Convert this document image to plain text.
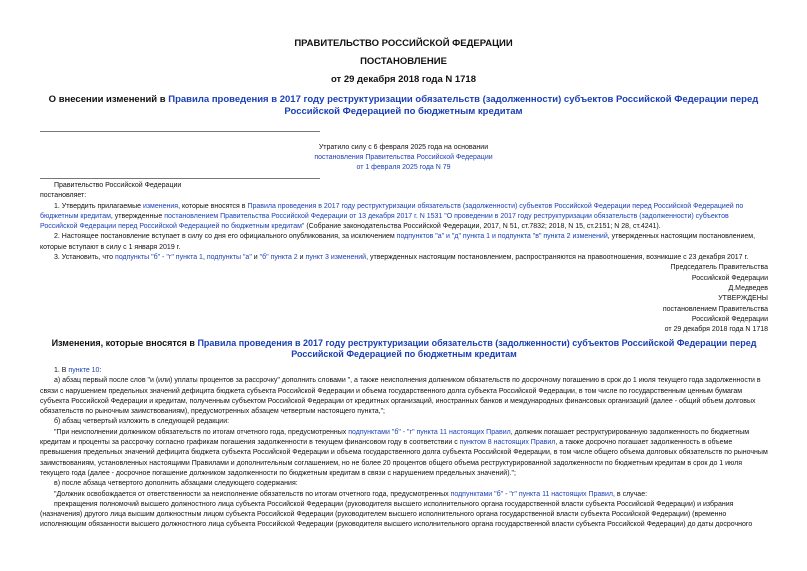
ПРАВИТЕЛЬСТВО РОССИЙСКОЙ ФЕДЕРАЦИИ
ПОСТАНОВЛЕНИЕ
от 29 декабря 2018 года N 1718
О внесении изменений в Правила проведения в 2017 году реструктуризации обязательств (задолженности) субъектов Российской Федерации перед Российской Федерацией по бюджетным кредитам
Утратило силу с 6 февраля 2025 года на основании
постановления Правительства Российской Федерации
от 1 февраля 2025 года N 79

Правительство Российской Федерации

постановляет:

1. Утвердить прилагаемые изменения, которые вносятся в Правила проведения в 2017 году реструктуризации обязательств (задолженности) субъектов Российской Федерации перед Российской Федерацией по бюджетным кредитам, утвержденные постановлением Правительства Российской Федерации от 13 декабря 2017 г. N 1531 "О проведении в 2017 году реструктуризации обязательств (задолженности) субъектов Российской Федерации перед Российской Федерацией по бюджетным кредитам" (Собрание законодательства Российской Федерации, 2017, N 51, ст.7832; 2018, N 15, ст.2151; N 28, ст.4241).

2. Настоящее постановление вступает в силу со дня его официального опубликования, за исключением подпунктов "а" и "д" пункта 1 и подпункта "в" пункта 2 изменений, утвержденных настоящим постановлением, которые вступают в силу с 1 января 2019 г.

3. Установить, что подпункты "б" - "г" пункта 1, подпункты "а" и "б" пункта 2 и пункт 3 изменений, утвержденных настоящим постановлением, распространяются на правоотношения, возникшие с 23 декабря 2017 г.

Председатель Правительства

Российской Федерации

Д.Медведев

УТВЕРЖДЕНЫ

постановлением Правительства

Российской Федерации

от 29 декабря 2018 года N 1718

Изменения, которые вносятся в Правила проведения в 2017 году реструктуризации обязательств (задолженности) субъектов Российской Федерации перед Российской Федерацией по бюджетным кредитам

1. В пункте 10:

а) абзац первый после слов "и (или) уплаты процентов за рассрочку" дополнить словами ", а также неисполнения должником обязательств по досрочному погашению в срок до 1 июля текущего года задолженности в связи с нарушением предельных значений дефицита бюджета субъекта Российской Федерации и объема государственного долга субъекта Российской Федерации, в том числе по государственным ценным бумагам субъекта Российской Федерации и кредитам, полученным субъектом Российской Федерации от кредитных организаций, иностранных банков и международных финансовых организаций (далее - общий объем долговых обязательств по рыночным заимствованиям), предусмотренных абзацем четвертым настоящего пункта,";

б) абзац четвертый изложить в следующей редакции:

"При неисполнении должником обязательств по итогам отчетного года, предусмотренных подпунктами "б" - "г" пункта 11 настоящих Правил, должник погашает реструктурированную задолженность по бюджетным кредитам и проценты за рассрочку согласно графикам погашения задолженности в текущем финансовом году в соответствии с пунктом 8 настоящих Правил, а также досрочно погашает задолженность в объеме превышения предельных значений дефицита бюджета субъекта Российской Федерации и объема государственного долга субъекта Российской Федерации, в том числе общего объема долговых обязательств по рыночным заимствованиям, установленных настоящими Правилами и дополнительным соглашением, но не более 20 процентов общего объема реструктурированной задолженности по бюджетным кредитам в срок до 1 июля текущего года (далее - досрочное погашение должником задолженности по бюджетным кредитам в связи с нарушением предельных значений).";

в) после абзаца четвертого дополнить абзацами следующего содержания:

"Должник освобождается от ответственности за неисполнение обязательств по итогам отчетного года, предусмотренных подпунктами "б" - "г" пункта 11 настоящих Правил, в случае:

прекращения полномочий высшего должностного лица субъекта Российской Федерации (руководителя высшего исполнительного органа государственной власти субъекта Российской Федерации) и избрания (назначения) другого лица высшим должностным лицом субъекта Российской Федерации (руководителем высшего исполнительного органа государственной власти субъекта Российской Федерации) (временно исполняющим обязанности высшего должностного лица субъекта Российской Федерации (руководителя высшего исполнительного органа государственной власти субъекта Российской Федерации) до даты досрочного
